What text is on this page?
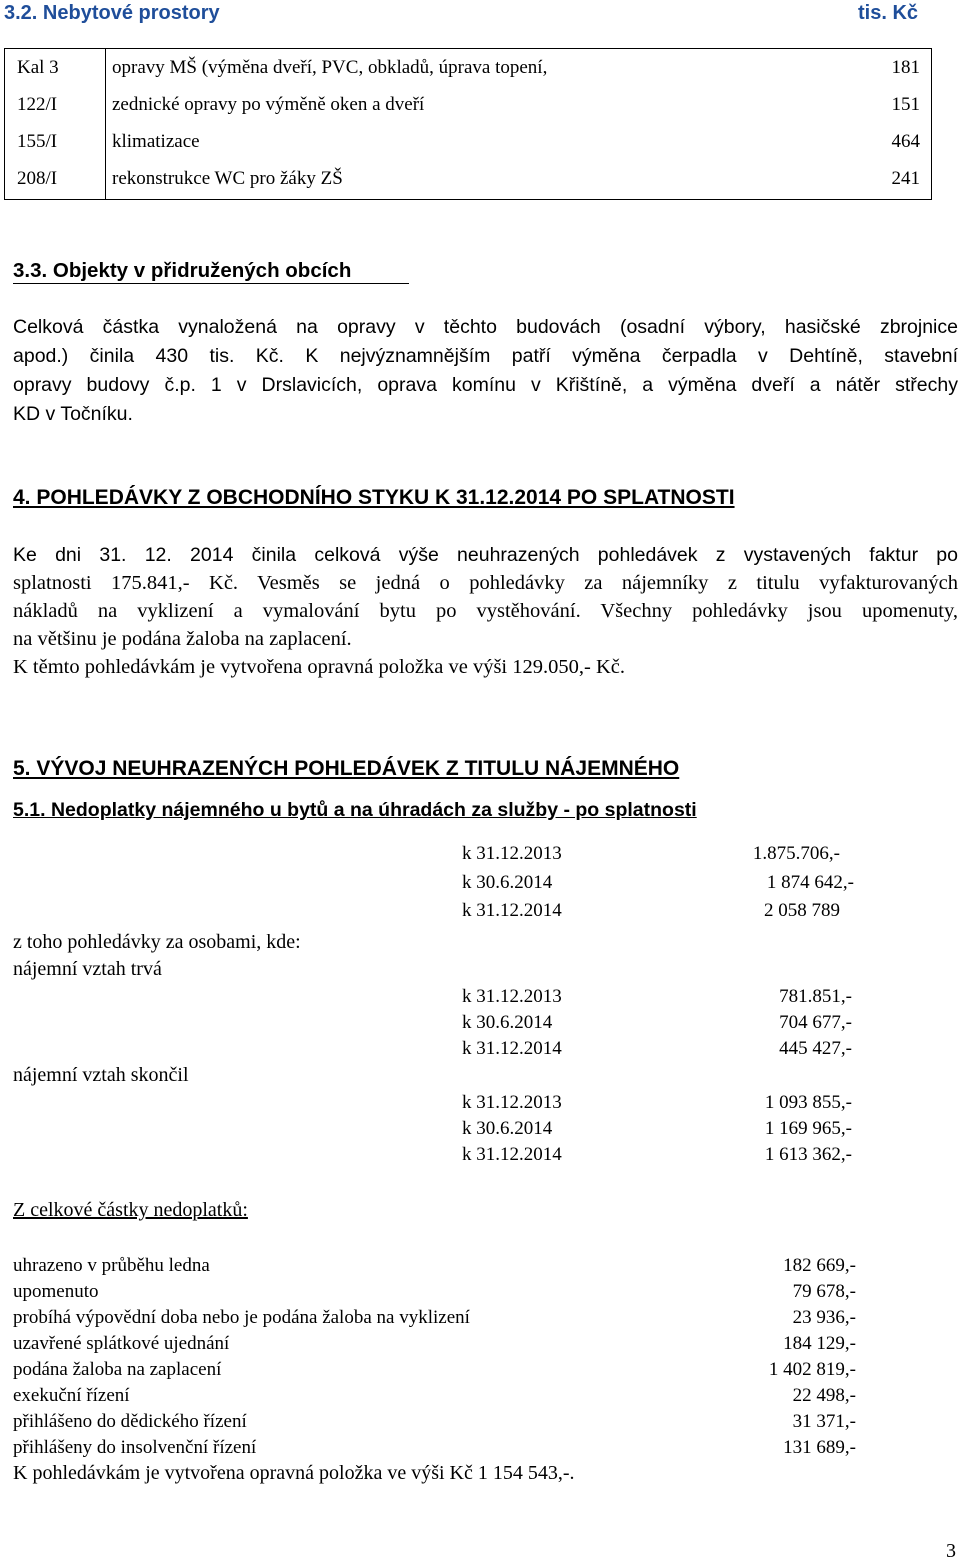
3.2. Nebytové prostory	tis. Kč
Kal 3	opravy MŠ (výměna dveří, PVC, obkladů, úprava topení,	181
122/I	zednické opravy po výměně oken a dveří	151
155/I	klimatizace	464
208/I	rekonstrukce WC pro žáky ZŠ	241
3.3. Objekty v přidružených obcích
Celková částka vynaložená na opravy v těchto budovách (osadní výbory, hasičské zbrojnice
apod.) činila 430 tis. Kč. K nejvýznamnějším patří výměna čerpadla v Dehtíně, stavební
opravy budovy č.p. 1 v Drslavicích, oprava komínu v Křištíně, a výměna dveří a nátěr střechy
KD v Točníku.
4. POHLEDÁVKY Z OBCHODNÍHO STYKU K 31.12.2014 PO SPLATNOSTI
Ke dni 31. 12. 2014 činila celková výše neuhrazených pohledávek z vystavených faktur po
splatnosti 175.841,- Kč. Vesměs se jedná o pohledávky za nájemníky z titulu vyfakturovaných
nákladů na vyklizení a vymalování bytu po vystěhování. Všechny pohledávky jsou upomenuty,
na většinu je podána žaloba na zaplacení.
K těmto pohledávkám je vytvořena opravná položka ve výši 129.050,- Kč.
5. VÝVOJ NEUHRAZENÝCH POHLEDÁVEK Z TITULU NÁJEMNÉHO
5.1. Nedoplatky nájemného u bytů a na úhradách za služby - po splatnosti
k 31.12.2013	1.875.706,-
k 30.6.2014	1 874 642,-
k 31.12.2014	2 058 789
z toho pohledávky za osobami, kde:
nájemní vztah trvá
k 31.12.2013	781.851,-
k 30.6.2014	704 677,-
k 31.12.2014	445 427,-
nájemní vztah skončil
k 31.12.2013	1 093 855,-
k 30.6.2014	1 169 965,-
k 31.12.2014	1 613 362,-
Z celkové částky nedoplatků:
uhrazeno v průběhu ledna	182 669,-
upomenuto	79 678,-
probíhá výpovědní doba nebo je podána žaloba na vyklizení	23 936,-
uzavřené splátkové ujednání	184 129,-
podána žaloba na zaplacení	1 402 819,-
exekuční řízení	22 498,-
přihlášeno do dědického řízení	31 371,-
přihlášeny do insolvenční řízení	131 689,-
K pohledávkám je vytvořena opravná položka ve výši Kč 1 154 543,-.
3
